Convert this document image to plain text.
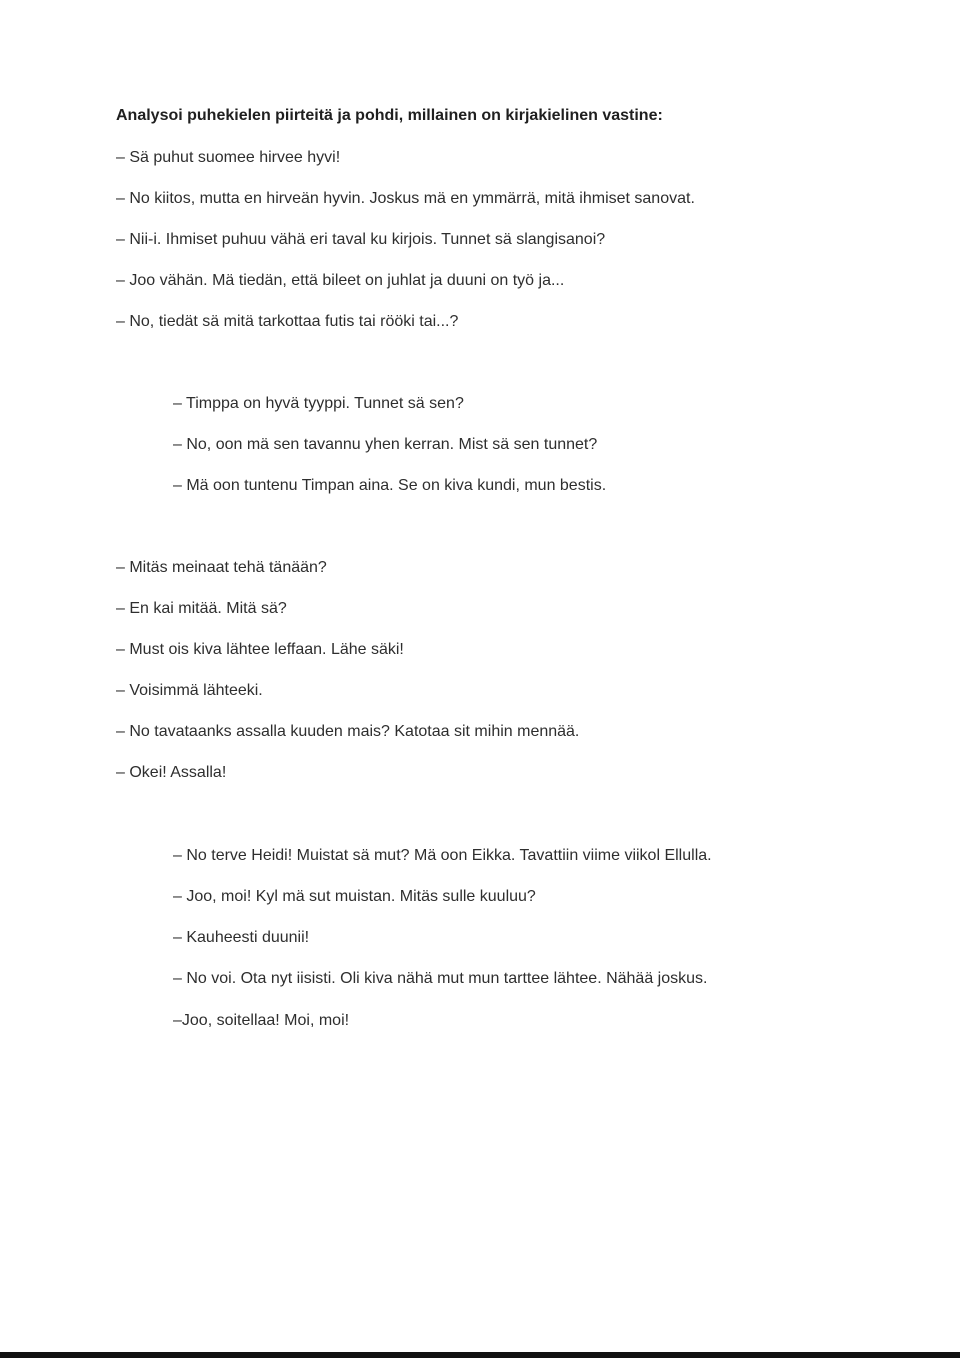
Analysoi puhekielen piirteitä ja pohdi, millainen on kirjakielinen vastine:
– Sä puhut suomee hirvee hyvi!
– No kiitos, mutta en hirveän hyvin. Joskus mä en ymmärrä, mitä ihmiset sanovat.
– Nii-i. Ihmiset puhuu vähä eri taval ku kirjois. Tunnet sä slangisanoi?
– Joo vähän. Mä tiedän, että bileet on juhlat ja duuni on työ ja...
– No, tiedät sä mitä tarkottaa futis tai rööki tai...?
– Timppa on hyvä tyyppi. Tunnet sä sen?
– No, oon mä sen tavannu yhen kerran. Mist sä sen tunnet?
– Mä oon tuntenu Timpan aina. Se on kiva kundi, mun bestis.
– Mitäs meinaat tehä tänään?
– En kai mitää. Mitä sä?
– Must ois kiva lähtee leffaan. Lähe säki!
– Voisimmä lähteeki.
– No tavataanks assalla kuuden mais? Katotaa sit mihin mennää.
– Okei! Assalla!
– No terve Heidi! Muistat sä mut? Mä oon Eikka. Tavattiin viime viikol Ellulla.
– Joo, moi! Kyl mä sut muistan. Mitäs sulle kuuluu?
– Kauheesti duunii!
– No voi. Ota nyt iisisti. Oli kiva nähä mut mun tarttee lähtee. Nähää joskus.
–Joo, soitellaa! Moi, moi!
